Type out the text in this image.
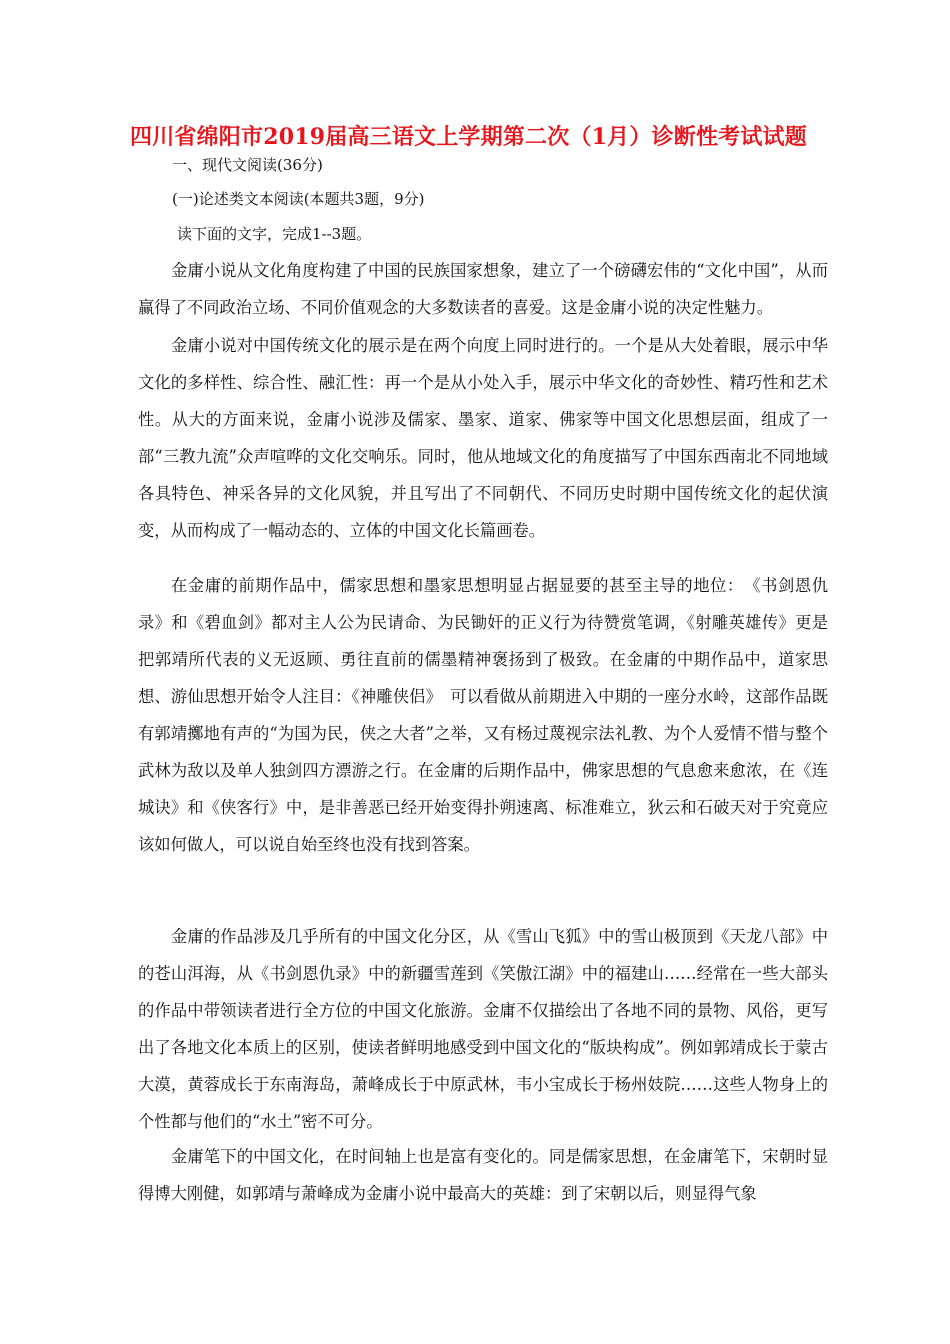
四川省绵阳市2019届高三语文上学期第二次（1月）诊断性考试试题

一、现代文阅读(36分)

(一)论述类文本阅读(本题共3题，9分)

读下面的文字，完成1--3题。

金庸小说从文化角度构建了中国的民族国家想象，建立了一个磅礴宏伟的“文化中国”，从而赢得了不同政治立场、不同价值观念的大多数读者的喜爱。这是金庸小说的决定性魅力。

金庸小说对中国传统文化的展示是在两个向度上同时进行的。一个是从大处着眼，展示中华文化的多样性、综合性、融汇性：再一个是从小处入手，展示中华文化的奇妙性、精巧性和艺术性。从大的方面来说，金庸小说涉及儒家、墨家、道家、佛家等中国文化思想层面，组成了一部“三教九流”众声喧哗的文化交响乐。同时，他从地域文化的角度描写了中国东西南北不同地域各具特色、神采各异的文化风貌，并且写出了不同朝代、不同历史时期中国传统文化的起伏演变，从而构成了一幅动态的、立体的中国文化长篇画卷。

在金庸的前期作品中，儒家思想和墨家思想明显占据显要的甚至主导的地位：　《书剑恩仇录》和《碧血剑》都对主人公为民请命、为民锄奸的正义行为待赞赏笔调，《射雕英雄传》更是把郭靖所代表的义无返顾、勇往直前的儒墨精神褒扬到了极致。在金庸的中期作品中，道家思想、游仙思想开始令人注目：《神雕侠侣》　可以看做从前期进入中期的一座分水岭，这部作品既有郭靖擲地有声的“为国为民，侠之大者”之举，又有杨过蔑视宗法礼教、为个人爱情不惜与整个武林为敌以及单人独剑四方漂游之行。在金庸的后期作品中，佛家思想的气息愈来愈浓，在《连城诀》和《侠客行》中，是非善恶已经开始变得扑朔速离、标准难立，狄云和石破天对于究竟应该如何做人，可以说自始至终也没有找到答案。

金庸的作品涉及几乎所有的中国文化分区，从《雪山飞狐》中的雪山极顶到《天龙八部》中的苍山洱海，从《书剑恩仇录》中的新疆雪莲到《笑傲江湖》中的福建山……经常在一些大部头的作品中带领读者进行全方位的中国文化旅游。金庸不仅描绘出了各地不同的景物、风俗，更写出了各地文化本质上的区别，使读者鲜明地感受到中国文化的“版块构成”。例如郭靖成长于蒙古大漠，黄蓉成长于东南海岛，萧峰成长于中原武林，韦小宝成长于杨州妓院……这些人物身上的个性都与他们的“水土”密不可分。

金庸笔下的中国文化，在时间轴上也是富有变化的。同是儒家思想，在金庸笔下，宋朝时显得博大刚健，如郭靖与萧峰成为金庸小说中最高大的英雄：到了宋朝以后，则显得气象
